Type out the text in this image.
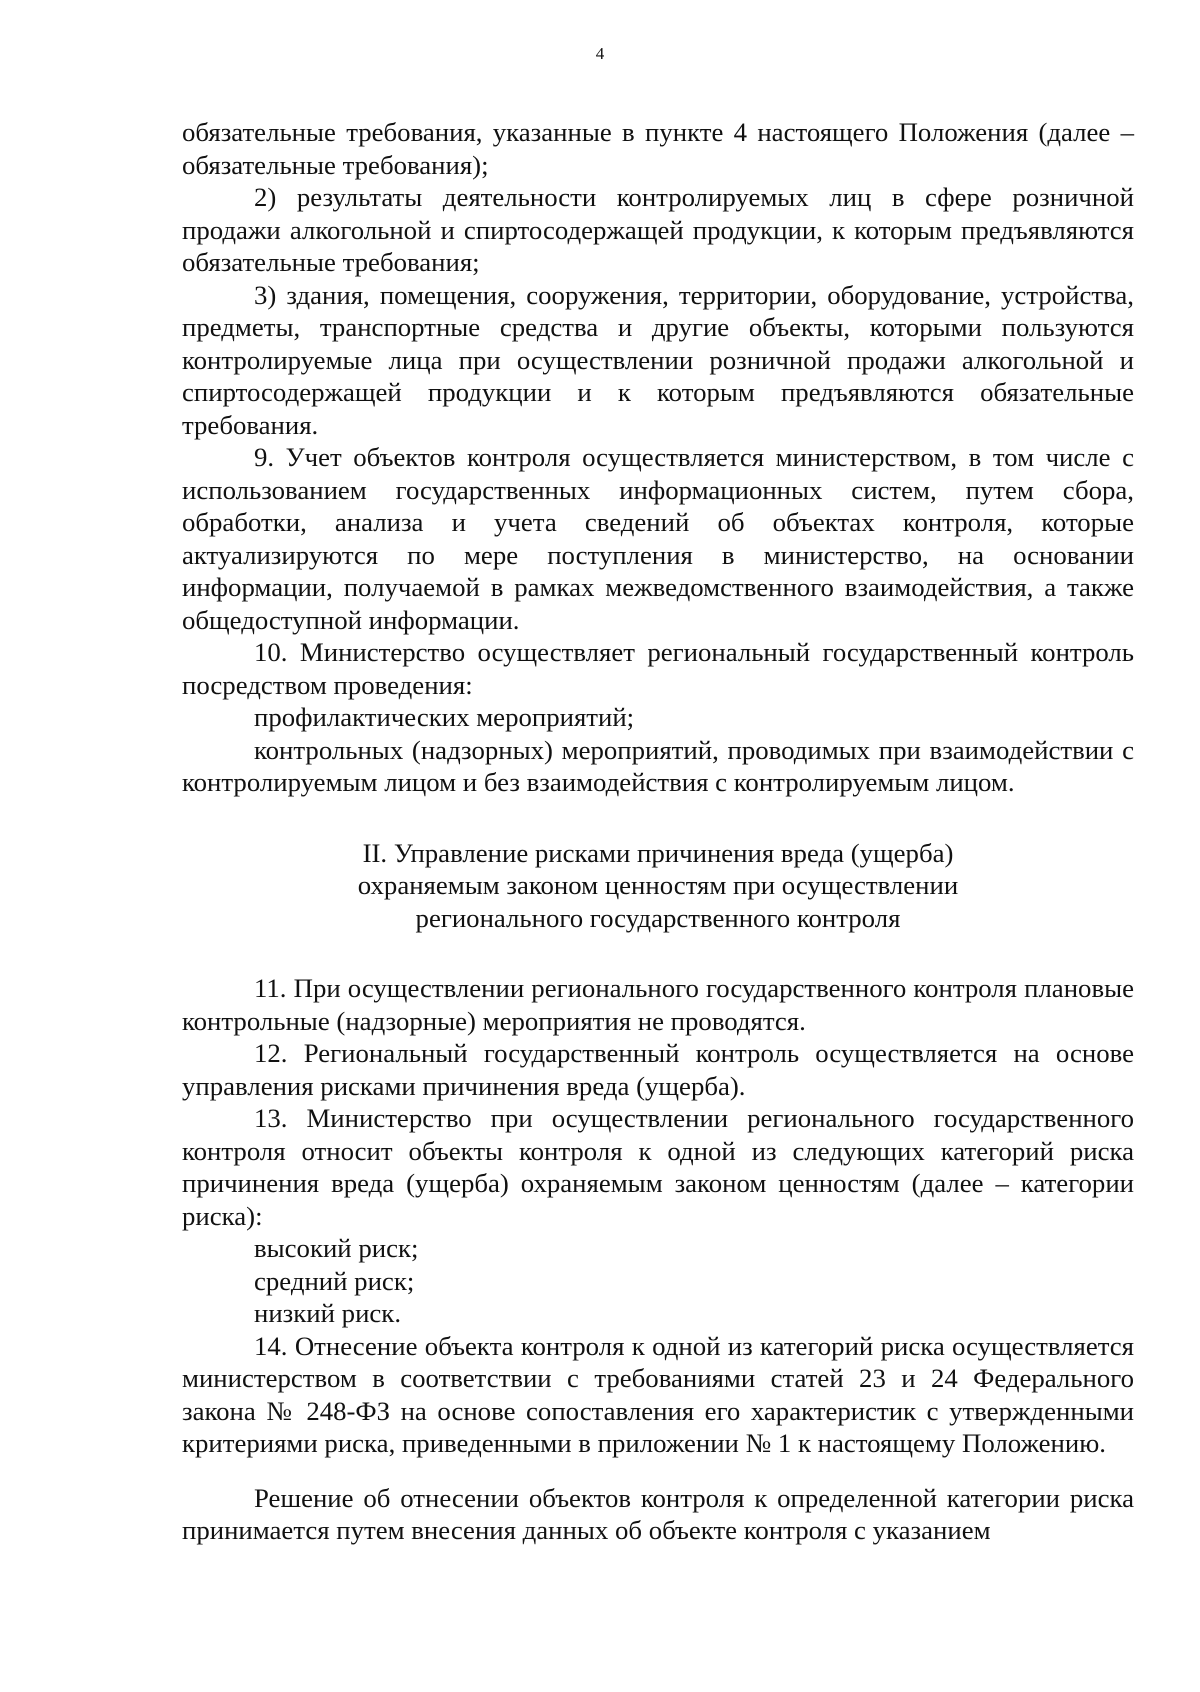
4

обязательные требования, указанные в пункте 4 настоящего Положения (далее – обязательные требования);

2) результаты деятельности контролируемых лиц в сфере розничной продажи алкогольной и спиртосодержащей продукции, к которым предъявляются обязательные требования;

3) здания, помещения, сооружения, территории, оборудование, устройства, предметы, транспортные средства и другие объекты, которыми пользуются контролируемые лица при осуществлении розничной продажи алкогольной и спиртосодержащей продукции и к которым предъявляются обязательные требования.

9. Учет объектов контроля осуществляется министерством, в том числе с использованием государственных информационных систем, путем сбора, обработки, анализа и учета сведений об объектах контроля, которые актуализируются по мере поступления в министерство, на основании информации, получаемой в рамках межведомственного взаимодействия, а также общедоступной информации.

10. Министерство осуществляет региональный государственный контроль посредством проведения:

профилактических мероприятий;

контрольных (надзорных) мероприятий, проводимых при взаимодействии с контролируемым лицом и без взаимодействия с контролируемым лицом.

II. Управление рисками причинения вреда (ущерба)
охраняемым законом ценностям при осуществлении
регионального государственного контроля

11. При осуществлении регионального государственного контроля плановые контрольные (надзорные) мероприятия не проводятся.

12. Региональный государственный контроль осуществляется на основе управления рисками причинения вреда (ущерба).

13. Министерство при осуществлении регионального государственного контроля относит объекты контроля к одной из следующих категорий риска причинения вреда (ущерба) охраняемым законом ценностям (далее – категории риска):

высокий риск;

средний риск;

низкий риск.

14. Отнесение объекта контроля к одной из категорий риска осуществляется министерством в соответствии с требованиями статей 23 и 24 Федерального закона № 248-ФЗ на основе сопоставления его характеристик с утвержденными критериями риска, приведенными в приложении № 1 к настоящему Положению.

Решение об отнесении объектов контроля к определенной категории риска принимается путем внесения данных об объекте контроля с указанием
